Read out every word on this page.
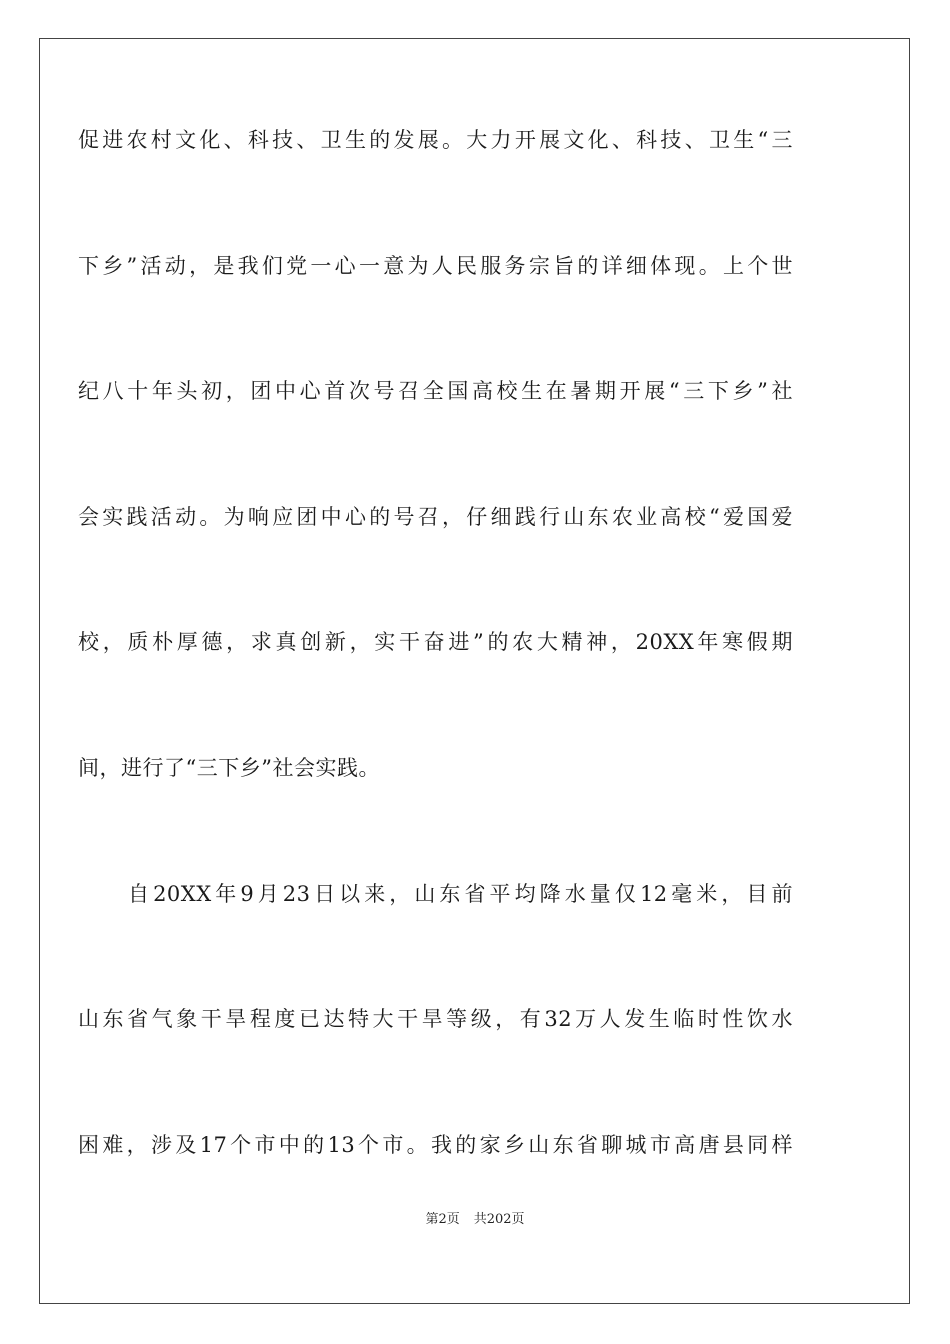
促进农村文化、科技、卫生的发展。大力开展文化、科技、卫生“三
下乡”活动，是我们党一心一意为人民服务宗旨的详细体现。上个世
纪八十年头初，团中心首次号召全国高校生在暑期开展“三下乡”社
会实践活动。为响应团中心的号召，仔细践行山东农业高校“爱国爱
校，质朴厚德，求真创新，实干奋进”的农大精神，20XX年寒假期
间，进行了“三下乡”社会实践。
自20XX年9月23日以来，山东省平均降水量仅12毫米，目前
山东省气象干旱程度已达特大干旱等级，有32万人发生临时性饮水
困难，涉及17个市中的13个市。我的家乡山东省聊城市高唐县同样
第2页 共202页
